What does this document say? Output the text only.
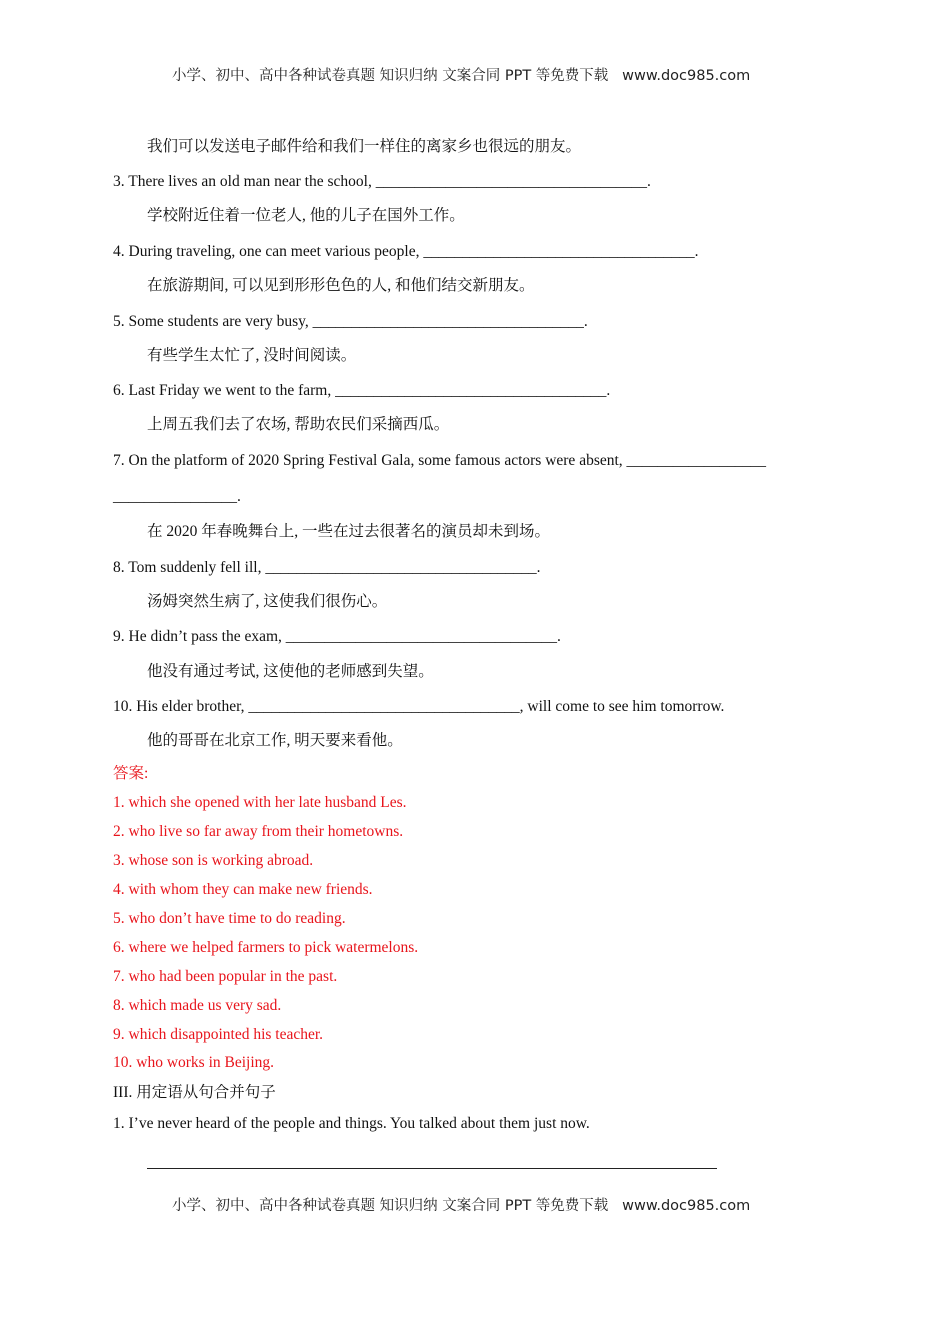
小学、初中、高中各种试卷真题 知识归纳 文案合同 PPT 等免费下载   www.doc985.com
我们可以发送电子邮件给和我们一样住的离家乡也很远的朋友。
3. There lives an old man near the school, ___________________________________.
学校附近住着一位老人, 他的儿子在国外工作。
4. During traveling, one can meet various people, ___________________________________.
在旅游期间, 可以见到形形色色的人, 和他们结交新朋友。
5. Some students are very busy, ___________________________________.
有些学生太忙了, 没时间阅读。
6. Last Friday we went to the farm, ___________________________________.
上周五我们去了农场, 帮助农民们采摘西瓜。
7. On the platform of 2020 Spring Festival Gala, some famous actors were absent, __________________
________________.
在 2020 年春晚舞台上, 一些在过去很著名的演员却未到场。
8. Tom suddenly fell ill, ___________________________________.
汤姆突然生病了, 这使我们很伤心。
9. He didn’t pass the exam, ___________________________________.
他没有通过考试, 这使他的老师感到失望。
10. His elder brother, ___________________________________, will come to see him tomorrow.
他的哥哥在北京工作, 明天要来看他。
答案:
1. which she opened with her late husband Les.
2. who live so far away from their hometowns.
3. whose son is working abroad.
4. with whom they can make new friends.
5. who don’t have time to do reading.
6. where we helped farmers to pick watermelons.
7. who had been popular in the past.
8. which made us very sad.
9. which disappointed his teacher.
10. who works in Beijing.
III. 用定语从句合并句子
1. I’ve never heard of the people and things. You talked about them just now.
小学、初中、高中各种试卷真题 知识归纳 文案合同 PPT 等免费下载   www.doc985.com
